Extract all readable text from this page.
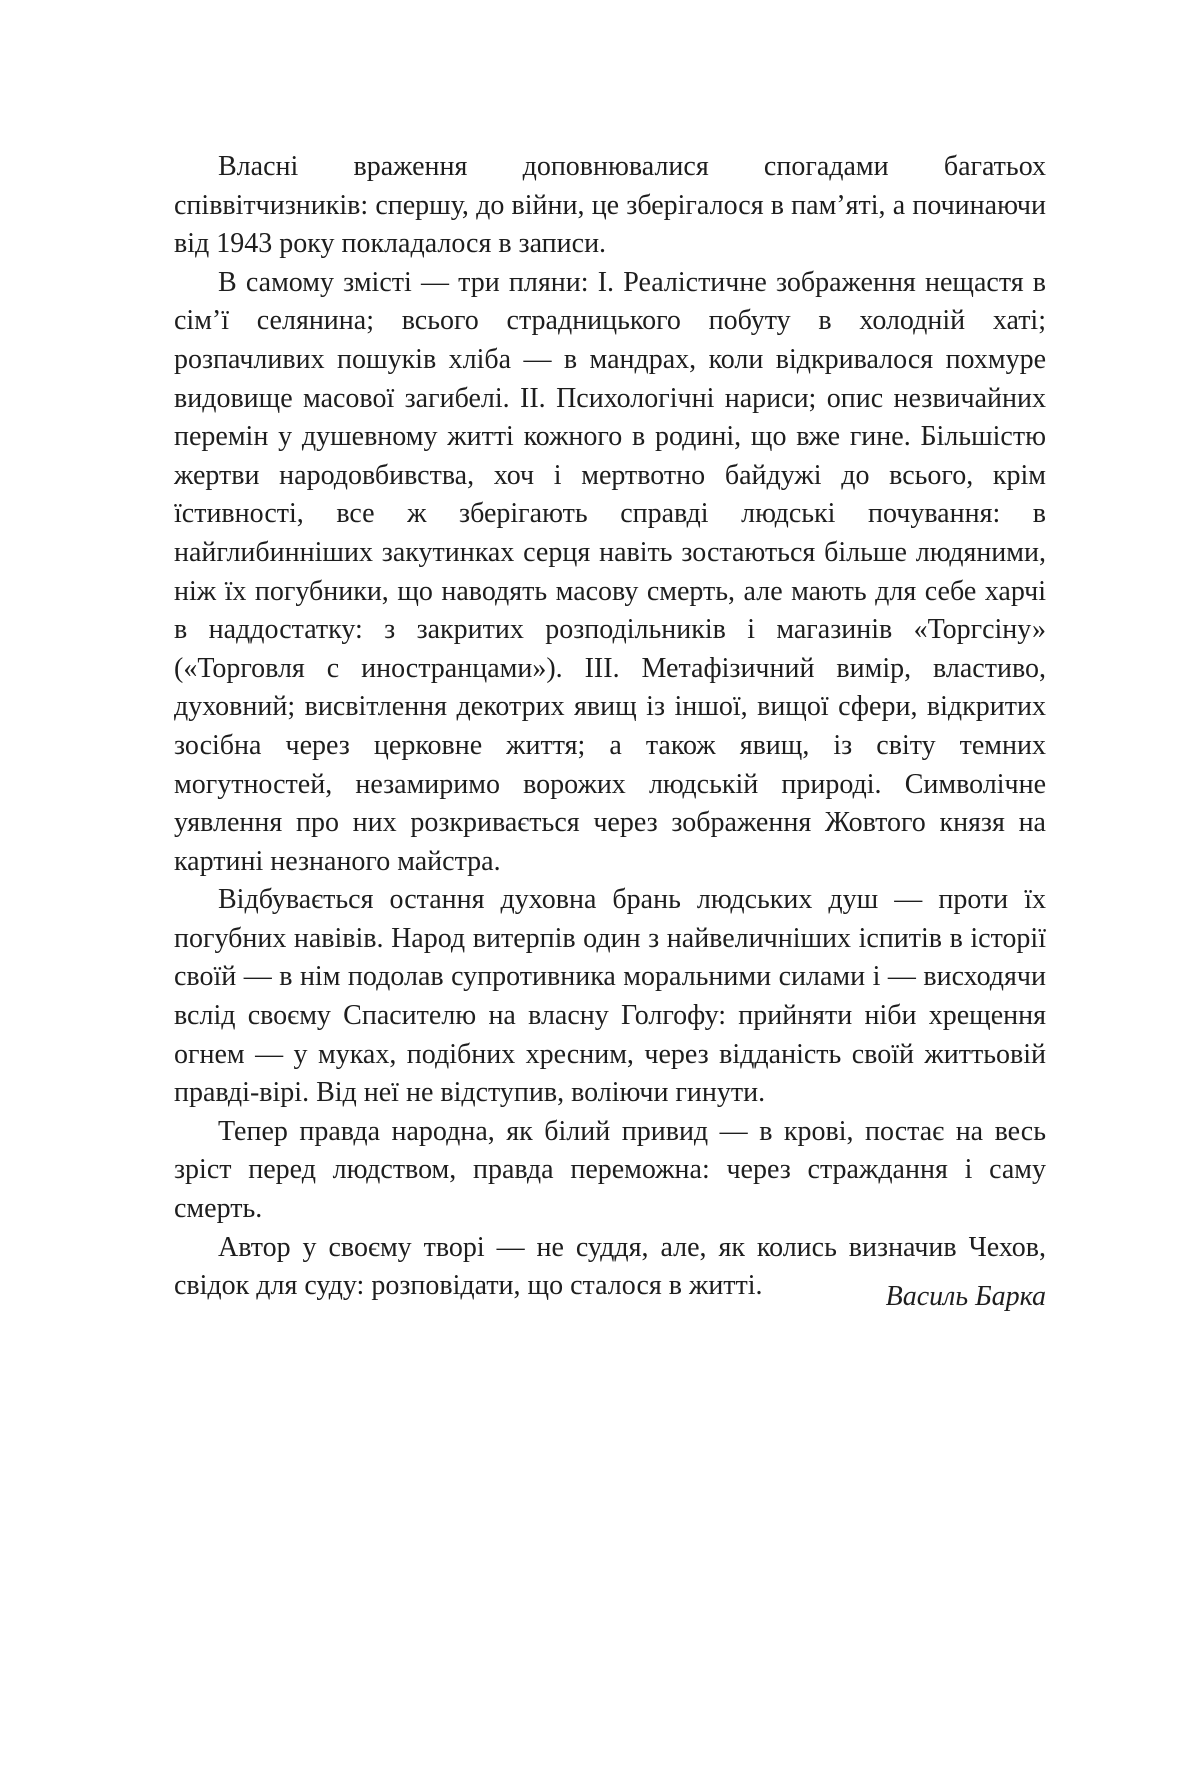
Власні враження доповнювалися спогадами багатьох співвітчизників: спершу, до війни, це зберігалося в пам’яті, а починаючи від 1943 року покладалося в записи.

В самому змісті — три пляни: I. Реалістичне зображення нещастя в сім’ї селянина; всього страдницького побуту в холодній хаті; розпачливих пошуків хліба — в мандрах, коли відкривалося похмуре видовище масової загибелі. II. Психологічні нариси; опис незвичайних перемін у душевному житті кожного в родині, що вже гине. Більшістю жертви народовбивства, хоч і мертвотно байдужі до всього, крім їстивності, все ж зберігають справді людські почування: в найглибинніших закутинках серця навіть зостаються більше людяними, ніж їх погубники, що наводять масову смерть, але мають для себе харчі в наддостатку: з закритих розподільників і магазинів «Торгсіну» («Торговля с иностранцами»). III. Метафізичний вимір, властиво, духовний; висвітлення декотрих явищ із іншої, вищої сфери, відкритих зосібна через церковне життя; а також явищ, із світу темних могутностей, незамиримо ворожих людській природі. Символічне уявлення про них розкривається через зображення Жовтого князя на картині незнаного майстра.

Відбувається остання духовна брань людських душ — проти їх погубних навівів. Народ витерпів один з найвеличніших іспитів в історії своїй — в нім подолав супротивника моральними силами і — висходячи вслід своєму Спасителю на власну Голгофу: прийняти ніби хрещення огнем — у муках, подібних хресним, через відданість своїй життьовій правді-вірі. Від неї не відступив, воліючи гинути.

Тепер правда народна, як білий привид — в крові, постає на весь зріст перед людством, правда переможна: через страждання і саму смерть.

Автор у своєму творі — не суддя, але, як колись визначив Чехов, свідок для суду: розповідати, що сталося в житті.	Василь Барка
